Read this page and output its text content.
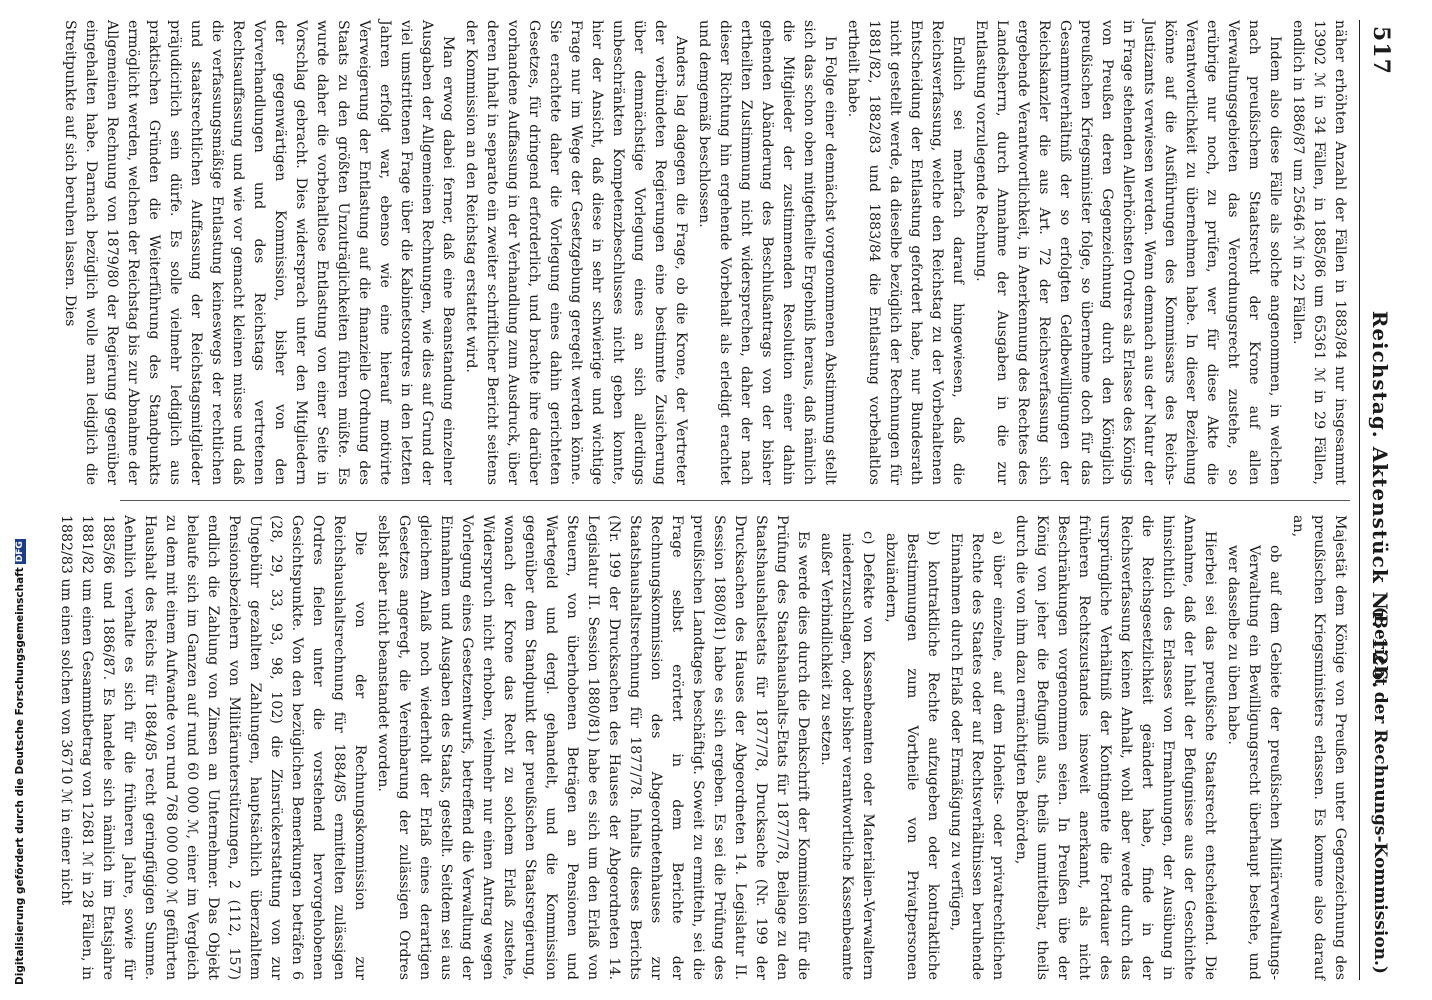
Digitalisierung gefördert durch die Deutsche ForschungsgemeinschaftDFG
517
Reichstag. Aktenstück Nr. 126.
(Bericht der Rechnungs-Kommission.)

näher erhöhten Anzahl der Fällen in 1883/84 nur insgesammt 13902 ℳ in 34 Fällen, in 1885/86 um 65361 ℳ in 29 Fällen, endlich in 1886/87 um 25646 ℳ in 22 Fällen.

Indem also diese Fälle als solche angenommen, in welchen nach preußischem Staatsrecht der Krone auf allen Verwaltungsgebieten das Verordnungsrecht zustehe, so erübrige nur noch, zu prüfen, wer für diese Akte die Verantwortlichkeit zu übernehmen habe. In dieser Beziehung könne auf die Ausführungen des Kommissars des Reichs-Justizamts verwiesen werden. Wenn demnach aus der Natur der in Frage stehenden Allerhöchsten Ordres als Erlasse des Königs von Preußen deren Gegenzeichnung durch den Königlich preußischen Kriegsminister folge, so übernehme doch für das Gesammtverhältniß der so erfolgten Geldbewilligungen der Reichskanzler die aus Art. 72 der Reichsverfassung sich ergebende Verantwortlichkeit, in Anerkennung des Rechtes des Landesherrn, durch Annahme der Ausgaben in die zur Entlastung vorzulegende Rechnung.

Endlich sei mehrfach darauf hingewiesen, daß die Reichsverfassung, welche den Reichstag zu der Vorbehaltenen Entscheidung der Entlastung gefordert habe, nur Bundesrath nicht gestellt werde, da dieselbe bezüglich der Rechnungen für 1881/82, 1882/83 und 1883/84 die Entlastung vorbehaltlos ertheilt habe.

In Folge einer demnächst vorgenommenen Abstimmung stellt sich das schon oben mitgetheilte Ergebniß heraus, daß nämlich die Mitglieder der zustimmenden Resolution einer dahin gehenden Abänderung des Beschlußantrags von der bisher ertheilten Zustimmung nicht widersprechen, daher der nach dieser Richtung hin ergehende Vorbehalt als erledigt erachtet und demgemäß beschlossen.

Anders lag dagegen die Frage, ob die Krone, der Vertreter der verbündeten Regierungen eine bestimmte Zusicherung über demnächstige Vorlegung eines an sich allerdings unbeschränkten Kompetenzbeschlusses nicht geben konnte, hier der Ansicht, daß diese in sehr schwierige und wichtige Frage nur im Wege der Gesetzgebung geregelt werden könne. Sie erachtete daher die Vorlegung eines dahin gerichteten Gesetzes, für dringend erforderlich, und brachte ihre darüber vorhandene Auffassung in der Verhandlung zum Ausdruck, über deren Inhalt in separato ein zweiter schriftlicher Bericht seitens der Kommission an den Reichstag erstattet wird.

Man erwog dabei ferner, daß eine Beanstandung einzelner Ausgaben der Allgemeinen Rechnungen, wie dies auf Grund der viel umstrittenen Frage über die Kabinetsordres in den letzten Jahren erfolgt war, ebenso wie eine hierauf motivirte Verweigerung der Entlastung auf die finanzielle Ordnung des Staats zu den größten Unzuträglichkeiten führen müßte. Es wurde daher die vorbehaltlose Entlastung von einer Seite in Vorschlag gebracht. Dies widersprach unter den Mitgliedern der gegenwärtigen Kommission, bisher von den Vorverhandlungen und des Reichstags vertretenen Rechtsauffassung und wie vor gemacht kleinen müsse und daß die verfassungsmäßige Entlastung keineswegs der rechtlichen und staatsrechtlichen Auffassung der Reichstagsmitglieder präjudicirlich sein dürfe. Es solle vielmehr lediglich aus praktischen Gründen die Weiterführung des Standpunkts ermöglicht werden, welchen der Reichstag bis zur Abnahme der Allgemeinen Rechnung von 1879/80 der Regierung gegenüber eingehalten habe. Darnach bezüglich wolle man lediglich die Streitpunkte auf sich beruhen lassen. Dies

Majestät dem Könige von Preußen unter Gegenzeichnung des preußischen Kriegsministers erlassen. Es komme also darauf an,

ob auf dem Gebiete der preußischen Militärverwaltungs-Verwaltung ein Bewilligungsrecht überhaupt bestehe, und wer dasselbe zu üben habe.

Hierbei sei das preußische Staatsrecht entscheidend. Die Annahme, daß der Inhalt der Befugnisse aus der Geschichte hinsichtlich des Erlasses von Ermahnungen, der Ausübung in die Reichsgesetzlichkeit geändert habe, finde in der Reichsverfassung keinen Anhalt, wohl aber werde durch das ursprüngliche Verhältniß der Kontingente die Fortdauer des früheren Rechtszustandes insoweit anerkannt, als nicht Beschränkungen vorgenommen seien. In Preußen übe der König von jeher die Befugniß aus, theils unmittelbar, theils durch die von ihm dazu ermächtigten Behörden,

a) über einzelne, auf dem Hoheits- oder privatrechtlichen Rechte des Staates oder auf Rechtsverhältnissen beruhende Einnahmen durch Erlaß oder Ermäßigung zu verfügen,

b) kontraktliche Rechte aufzugeben oder kontraktliche Bestimmungen zum Vortheile von Privatpersonen abzuändern,

c) Defekte von Kassenbeamten oder Materialien-Verwaltern niederzuschlagen, oder bisher verantwortliche Kassenbeamte außer Verbindlichkeit zu setzen.

Es werde dies durch die Denkschrift der Kommission für die Prüfung des Staatshaushalts-Etats für 1877/78, Beilage zu den Staatshaushaltsetats für 1877/78, Drucksache (Nr. 199 der Drucksachen des Hauses der Abgeordneten 14. Legislatur II. Session 1880/81) habe es sich ergeben. Es sei die Prüfung des preußischen Landtages beschäftigt. Soweit zu ermitteln, sei die Frage selbst erörtert in dem Berichte der Rechnungskommission des Abgeordnetenhauses zur Staatshaushaltsrechnung für 1877/78. Inhalts dieses Berichts (Nr. 199 der Drucksachen des Hauses der Abgeordneten 14. Legislatur II. Session 1880/81) habe es sich um den Erlaß von Steuern, von überhobenen Beträgen an Pensionen und Wartegeld und dergl. gehandelt, und die Kommission gegenüber dem Standpunkt der preußischen Staatsregierung, wonach der Krone das Recht zu solchem Erlaß zustehe, Widerspruch nicht erhoben, vielmehr nur einen Antrag wegen Vorlegung eines Gesetzentwurfs, betreffend die Verwaltung der Einnahmen und Ausgaben des Staats, gestellt. Seitdem sei aus gleichem Anlaß noch wiederholt der Erlaß eines derartigen Gesetzes angeregt, die Vereinbarung der zulässigen Ordres selbst aber nicht beanstandet worden.

Die von der Rechnungskommission zur Reichshaushaltsrechnung für 1884/85 ermittelten zulässigen Ordres fielen unter die vorstehend hervorgehobenen Gesichtspunkte. Von den bezüglichen Bemerkungen beträfen 6 (28, 29, 33, 93, 98, 102) die Zinsrückerstattung von zur Ungebühr gezahlten Zahlungen, hauptsächlich überzahltem Pensionsbeziehern von Militärunterstützungen, 2 (112, 157) endlich die Zahlung von Zinsen an Unternehmer. Das Objekt belaufe sich im Ganzen auf rund 60 000 ℳ, einer im Vergleich zu dem mit einem Aufwande von rund 768 000 000 ℳ geführten Haushalt des Reichs für 1884/85 recht geringfügigen Summe. Aehnlich verhalte es sich für die früheren Jahre, sowie für 1885/86 und 1886/87. Es handele sich nämlich im Etatsjahre 1881/82 um einen Gesammtbetrag von 12681 ℳ in 28 Fällen, in 1882/83 um einen solchen von 36710 ℳ in einer nicht
